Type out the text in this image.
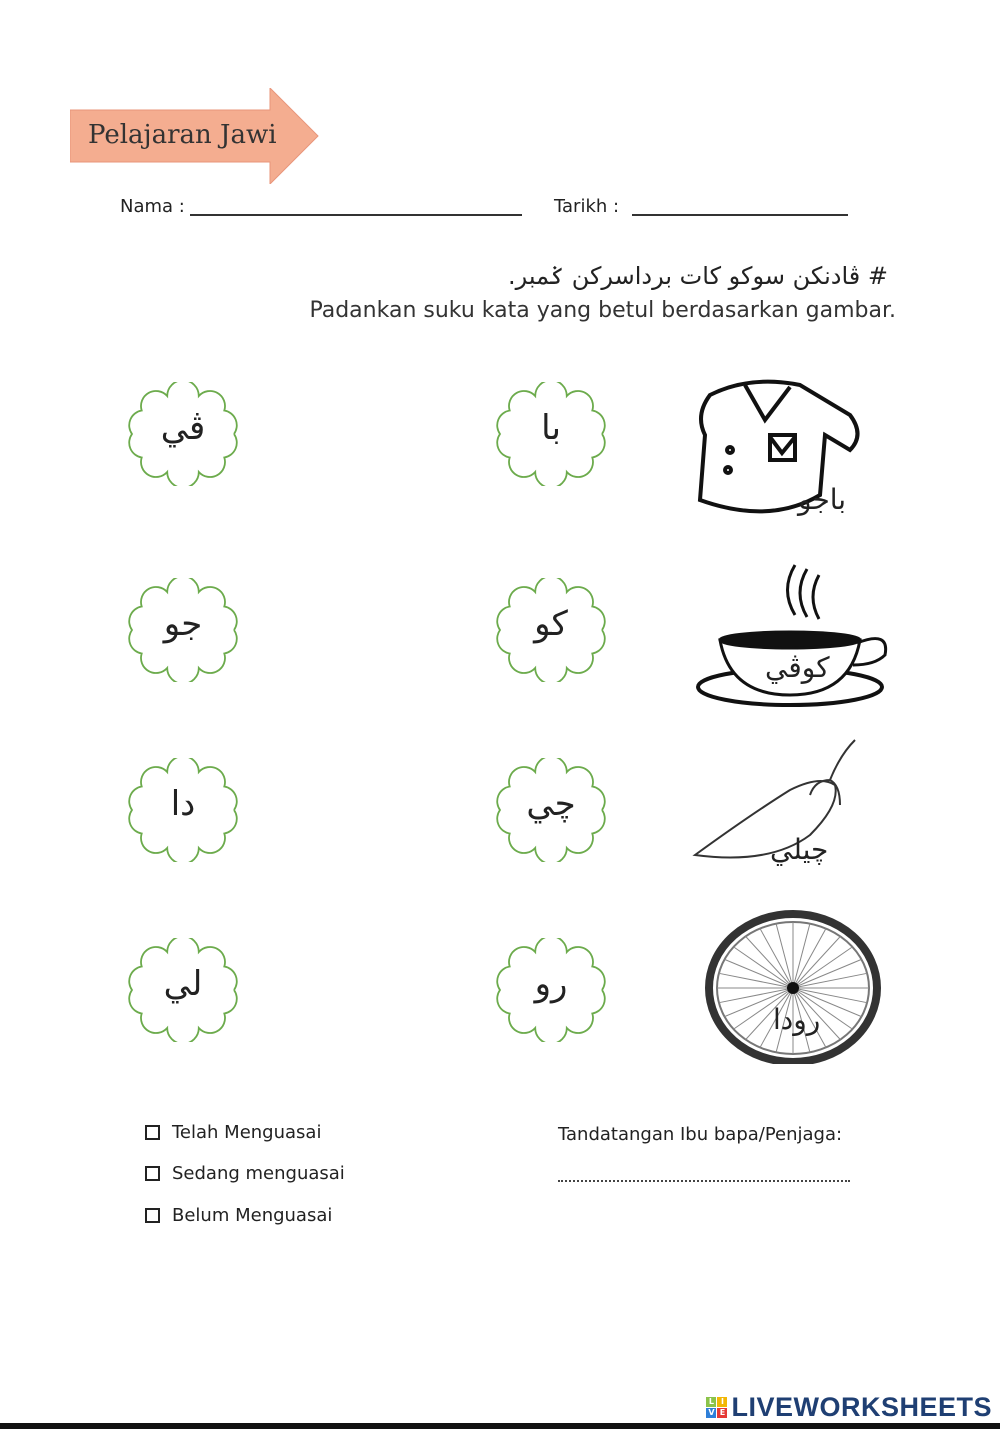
Pelajaran Jawi
Nama :	Tarikh :
# ڤادنكن سوكو كات برداسركن ݢمبر.
Padankan suku kata yang betul berdasarkan gambar.
ڤي
جو
دا
لي
با
كو
چي
رو
باجو
كوڤي
چيلي
رودا
Telah Menguasai
Sedang menguasai
Belum Menguasai
Tandatangan Ibu bapa/Penjaga:
L I
V E LIVEWORKSHEETS
